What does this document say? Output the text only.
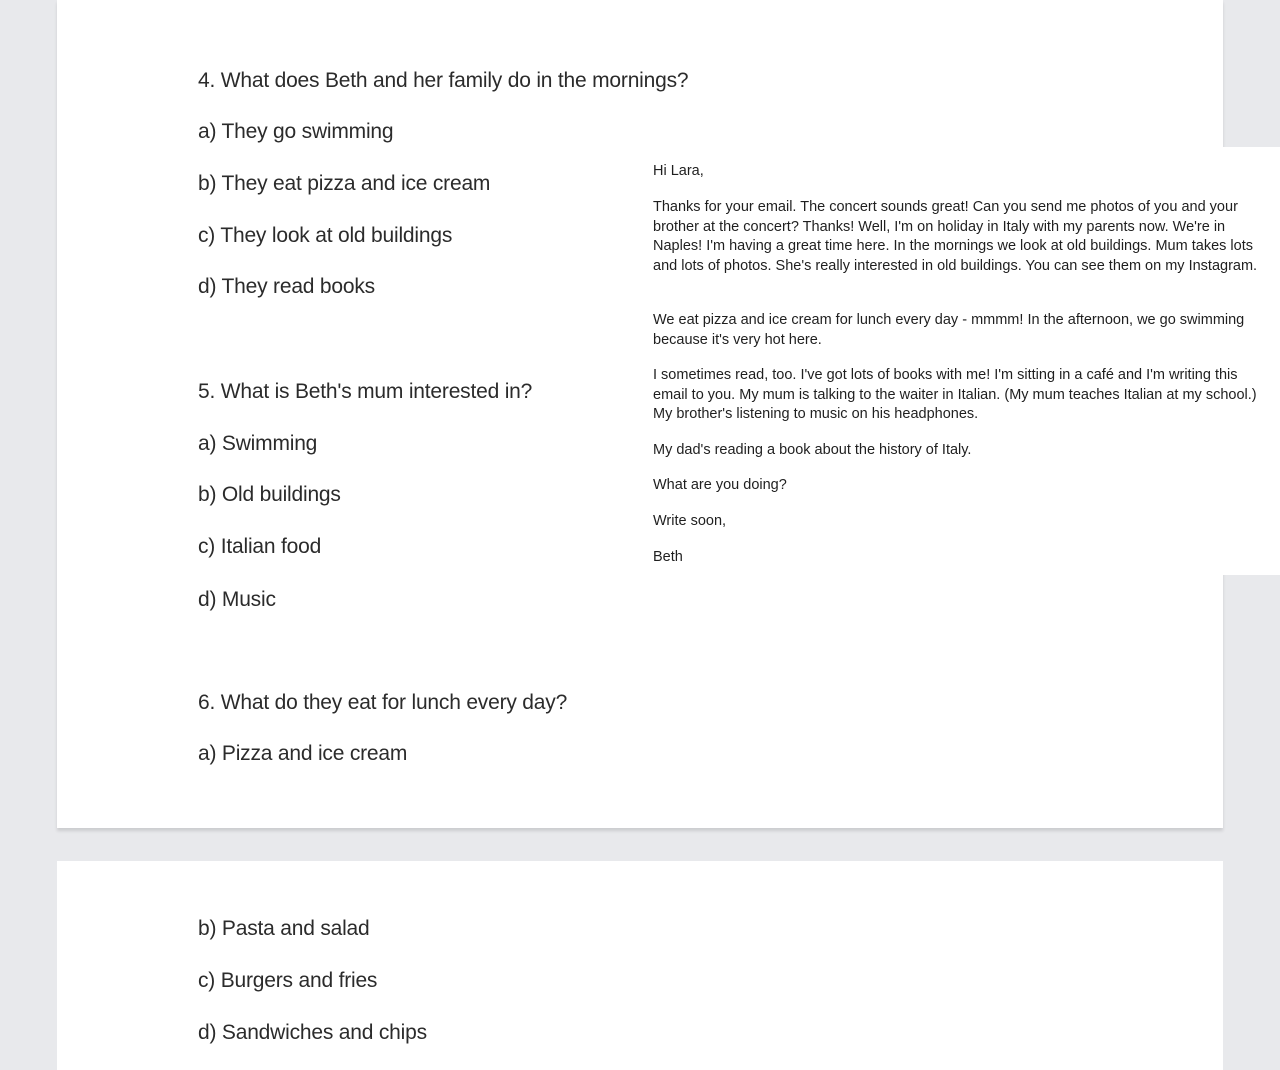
4. What does Beth and her family do in the mornings?
a) They go swimming
b) They eat pizza and ice cream
c) They look at old buildings
d) They read books
5. What is Beth's mum interested in?
a) Swimming
b) Old buildings
c) Italian food
d) Music
6. What do they eat for lunch every day?
a) Pizza and ice cream
b) Pasta and salad
c) Burgers and fries
d) Sandwiches and chips

Hi Lara,

Thanks for your email. The concert sounds great! Can you send me photos of you and your brother at the concert? Thanks! Well, I'm on holiday in Italy with my parents now. We're in Naples! I'm having a great time here. In the mornings we look at old buildings. Mum takes lots and lots of photos. She's really interested in old buildings. You can see them on my Instagram.

We eat pizza and ice cream for lunch every day - mmmm! In the afternoon, we go swimming because it's very hot here.

I sometimes read, too. I've got lots of books with me! I'm sitting in a café and I'm writing this email to you. My mum is talking to the waiter in Italian. (My mum teaches Italian at my school.) My brother's listening to music on his headphones.

My dad's reading a book about the history of Italy.

What are you doing?

Write soon,

Beth
